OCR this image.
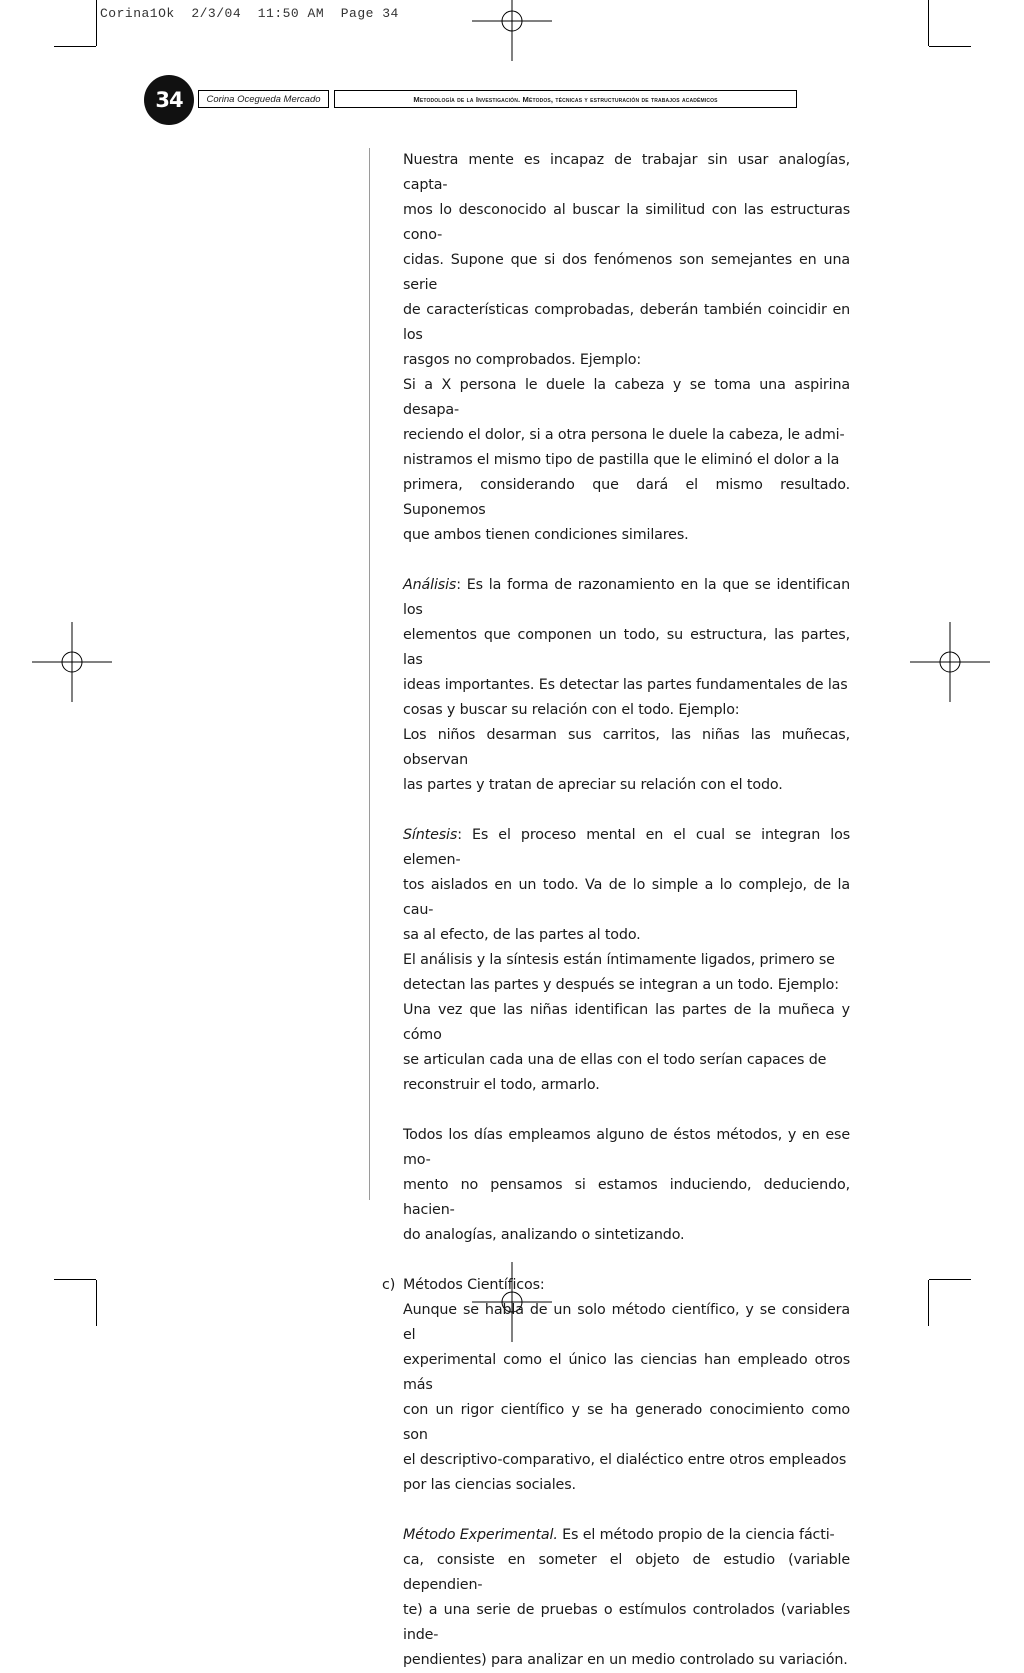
Corina1Ok  2/3/04  11:50 AM  Page 34
34	Corina Ocegueda Mercado	Metodología de la Investigación. Métodos, técnicas y estructuración de trabajos académicos
Nuestra mente es incapaz de trabajar sin usar analogías, capta-
mos lo desconocido al buscar la similitud con las estructuras cono-
cidas. Supone que si dos fenómenos son semejantes en una serie
de características comprobadas, deberán también coincidir en los
rasgos no comprobados. Ejemplo:
Si a X persona le duele la cabeza y se toma una aspirina desapa-
reciendo el dolor, si a otra persona le duele la cabeza, le admi-
nistramos el mismo tipo de pastilla que le eliminó el dolor a la
primera, considerando que dará el mismo resultado. Suponemos
que ambos tienen condiciones similares.
Análisis: Es la forma de razonamiento en la que se identifican los
elementos que componen un todo, su estructura, las partes, las
ideas importantes. Es detectar las partes fundamentales de las
cosas y buscar su relación con el todo. Ejemplo:
Los niños desarman sus carritos, las niñas las muñecas, observan
las partes y tratan de apreciar su relación con el todo.
Síntesis: Es el proceso mental en el cual se integran los elemen-
tos aislados en un todo. Va de lo simple a lo complejo, de la cau-
sa al efecto, de las partes al todo.
El análisis y la síntesis están íntimamente ligados, primero se
detectan las partes y después se integran a un todo. Ejemplo:
Una vez que las niñas identifican las partes de la muñeca y cómo
se articulan cada una de ellas con el todo serían capaces de
reconstruir el todo, armarlo.
Todos los días empleamos alguno de éstos métodos, y en ese mo-
mento no pensamos si estamos induciendo, deduciendo, hacien-
do analogías, analizando o sintetizando.
c) Métodos Científicos:
Aunque se habla de un solo método científico, y se considera el
experimental como el único las ciencias han empleado otros más
con un rigor científico y se ha generado conocimiento como son
el descriptivo-comparativo, el dialéctico entre otros empleados
por las ciencias sociales.
Método Experimental. Es el método propio de la ciencia fácti-
ca, consiste en someter el objeto de estudio (variable dependien-
te) a una serie de pruebas o estímulos controlados (variables inde-
pendientes) para analizar en un medio controlado su variación.
